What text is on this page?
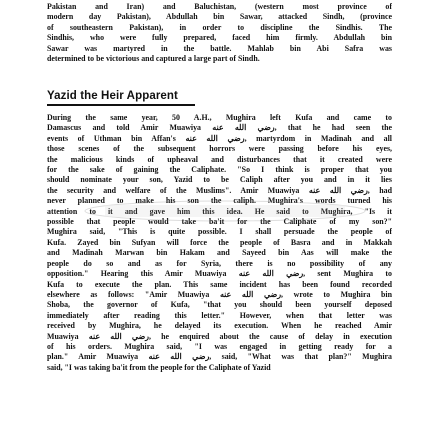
Pakistan and Iran) and Baluchistan, (western most province of
modern day Pakistan), Abdullah bin Sawar, attacked Sindh, (province
of southeastern Pakistan), in order to discipline the Sindhis. The
Sindhis, who were fully prepared, faced him firmly. Abdullah bin
Sawar was martyred in the battle. Mahlab bin Abi Safra was
determined to be victorious and captured a large part of Sindh.
Yazid the Heir Apparent
During the same year, 50 A.H., Mughira left Kufa and came to
Damascus and told Amir Muawiya رضي الله عنه, that he had seen the
events of Uthman bin Affan's رضي الله عنه, martyrdom in Madinah and all
those scenes of the subsequent horrors were passing before his eyes,
the malicious kinds of upheaval and disturbances that it created were
for the sake of gaining the Caliphate. "So I think is proper that you
should nominate your son, Yazid to be Caliph after you and in it lies
the security and welfare of the Muslims". Amir Muawiya رضي الله عنه, had
never planned to make his son the caliph. Mughira's words turned his
attention to it and gave him this idea. He said to Mughira, "Is it
possible that people would take ba'it for the Caliphate of my son?"
Mughira said, "This is quite possible. I shall persuade the people of
Kufa. Zayed bin Sufyan will force the people of Basra and in Makkah
and Madinah Marwan bin Hakam and Sayeed bin Aas will make the
people do so and as for Syria, there is no possibility of any
opposition." Hearing this Amir Muawiya رضي الله عنه, sent Mughira to
Kufa to execute the plan. This same incident has been found recorded
elsewhere as follows: "Amir Muawiya رضي الله عنه, wrote to Mughira bin
Shoba, the governor of Kufa, "that you should been yourself deposed
immediately after reading this letter." However, when that letter was
received by Mughira, he delayed its execution. When he reached Amir
Muawiya رضي الله عنه, he enquired about the cause of delay in execution
of his orders. Mughira said, "I was engaged in getting ready for a
plan." Amir Muawiya رضي الله عنه, said, "What was that plan?" Mughira
said, "I was taking ba'it from the people for the Caliphate of Yazid
